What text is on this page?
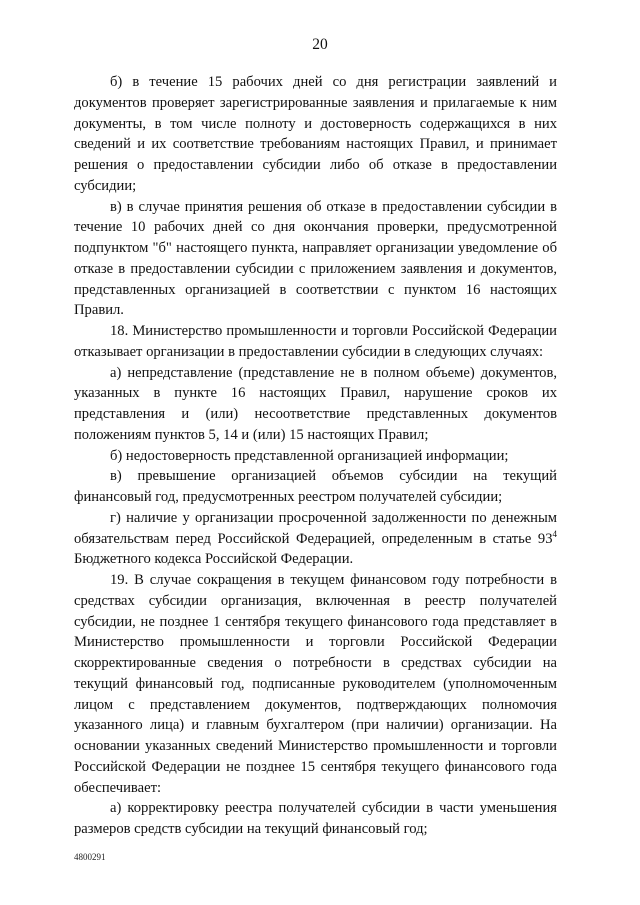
20

б) в течение 15 рабочих дней со дня регистрации заявлений и документов проверяет зарегистрированные заявления и прилагаемые к ним документы, в том числе полноту и достоверность содержащихся в них сведений и их соответствие требованиям настоящих Правил, и принимает решения о предоставлении субсидии либо об отказе в предоставлении субсидии;

в) в случае принятия решения об отказе в предоставлении субсидии в течение 10 рабочих дней со дня окончания проверки, предусмотренной подпунктом "б" настоящего пункта, направляет организации уведомление об отказе в предоставлении субсидии с приложением заявления и документов, представленных организацией в соответствии с пунктом 16 настоящих Правил.

18. Министерство промышленности и торговли Российской Федерации отказывает организации в предоставлении субсидии в следующих случаях:

а) непредставление (представление не в полном объеме) документов, указанных в пункте 16 настоящих Правил, нарушение сроков их представления и (или) несоответствие представленных документов положениям пунктов 5, 14 и (или) 15 настоящих Правил;

б) недостоверность представленной организацией информации;

в) превышение организацией объемов субсидии на текущий финансовый год, предусмотренных реестром получателей субсидии;

г) наличие у организации просроченной задолженности по денежным обязательствам перед Российской Федерацией, определенным в статье $93^4$ Бюджетного кодекса Российской Федерации.

19. В случае сокращения в текущем финансовом году потребности в средствах субсидии организация, включенная в реестр получателей субсидии, не позднее 1 сентября текущего финансового года представляет в Министерство промышленности и торговли Российской Федерации скорректированные сведения о потребности в средствах субсидии на текущий финансовый год, подписанные руководителем (уполномоченным лицом с представлением документов, подтверждающих полномочия указанного лица) и главным бухгалтером (при наличии) организации. На основании указанных сведений Министерство промышленности и торговли Российской Федерации не позднее 15 сентября текущего финансового года обеспечивает:

а) корректировку реестра получателей субсидии в части уменьшения размеров средств субсидии на текущий финансовый год;

4800291
